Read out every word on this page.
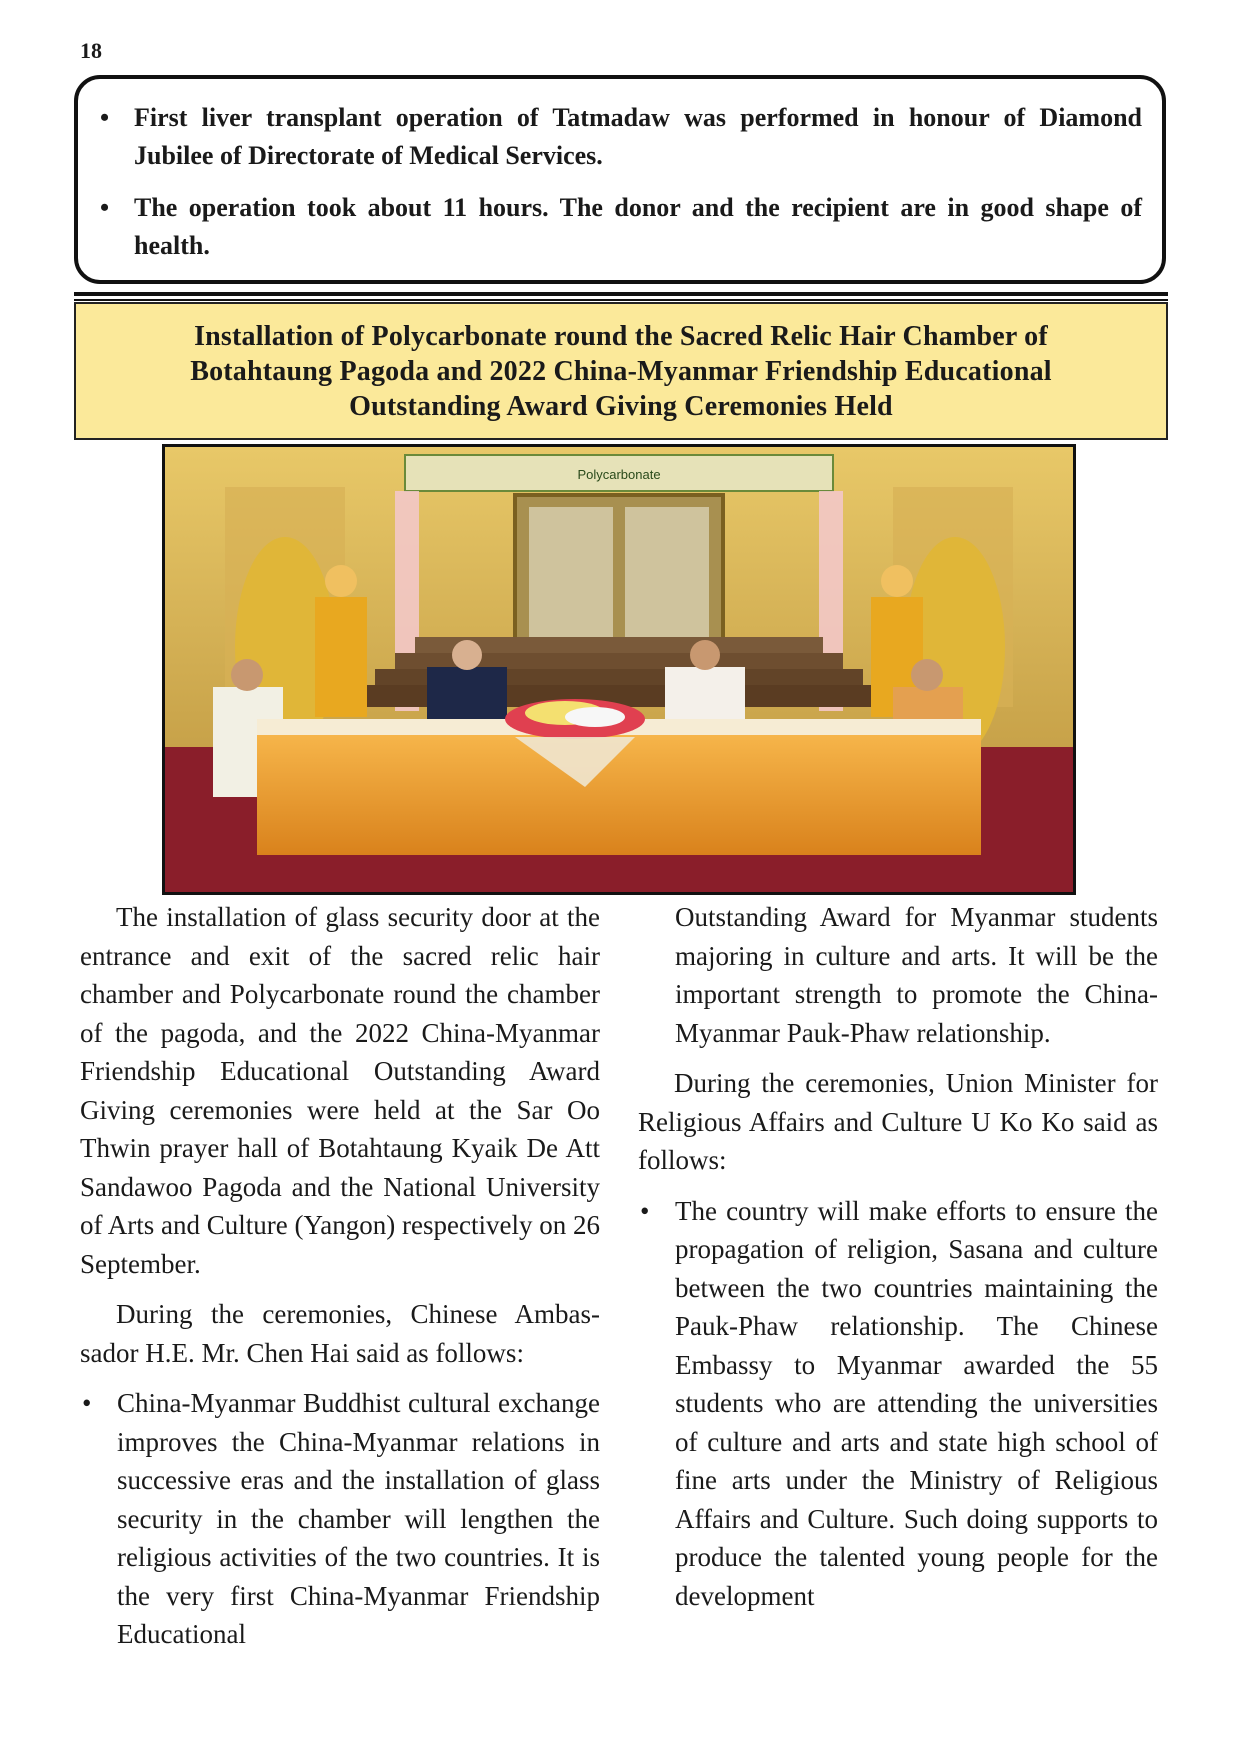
18
• First liver transplant operation of Tatmadaw was performed in honour of Diamond Jubilee of Directorate of Medical Services.
• The operation took about 11 hours. The donor and the recipient are in good shape of health.
Installation of Polycarbonate round the Sacred Relic Hair Chamber of
Botahtaung Pagoda and 2022 China-Myanmar Friendship Educational
Outstanding Award Giving Ceremonies Held
Polycarbonate

The installation of glass security door at the entrance and exit of the sacred relic hair chamber and Polycarbonate round the chamber of the pagoda, and the 2022 China-Myanmar Friendship Educational Outstanding Award Giving ceremonies were held at the Sar Oo Thwin prayer hall of Botahtaung Kyaik De Att Sandawoo Pagoda and the National University of Arts and Culture (Yangon) respectively on 26 September.

During the ceremonies, Chinese Ambassador H.E. Mr. Chen Hai said as follows:

• China-Myanmar Buddhist cultural exchange improves the China-Myanmar relations in successive eras and the installation of glass security in the chamber will lengthen the religious activities of the two countries. It is the very first China-Myanmar Friendship Educational

Outstanding Award for Myanmar students majoring in culture and arts. It will be the important strength to promote the China-Myanmar Pauk-Phaw relationship.

During the ceremonies, Union Minister for Religious Affairs and Culture U Ko Ko said as follows:

• The country will make efforts to ensure the propagation of religion, Sasana and culture between the two countries maintaining the Pauk-Phaw relationship. The Chinese Embassy to Myanmar awarded the 55 students who are attending the universities of culture and arts and state high school of fine arts under the Ministry of Religious Affairs and Culture. Such doing supports to produce the talented young people for the development
